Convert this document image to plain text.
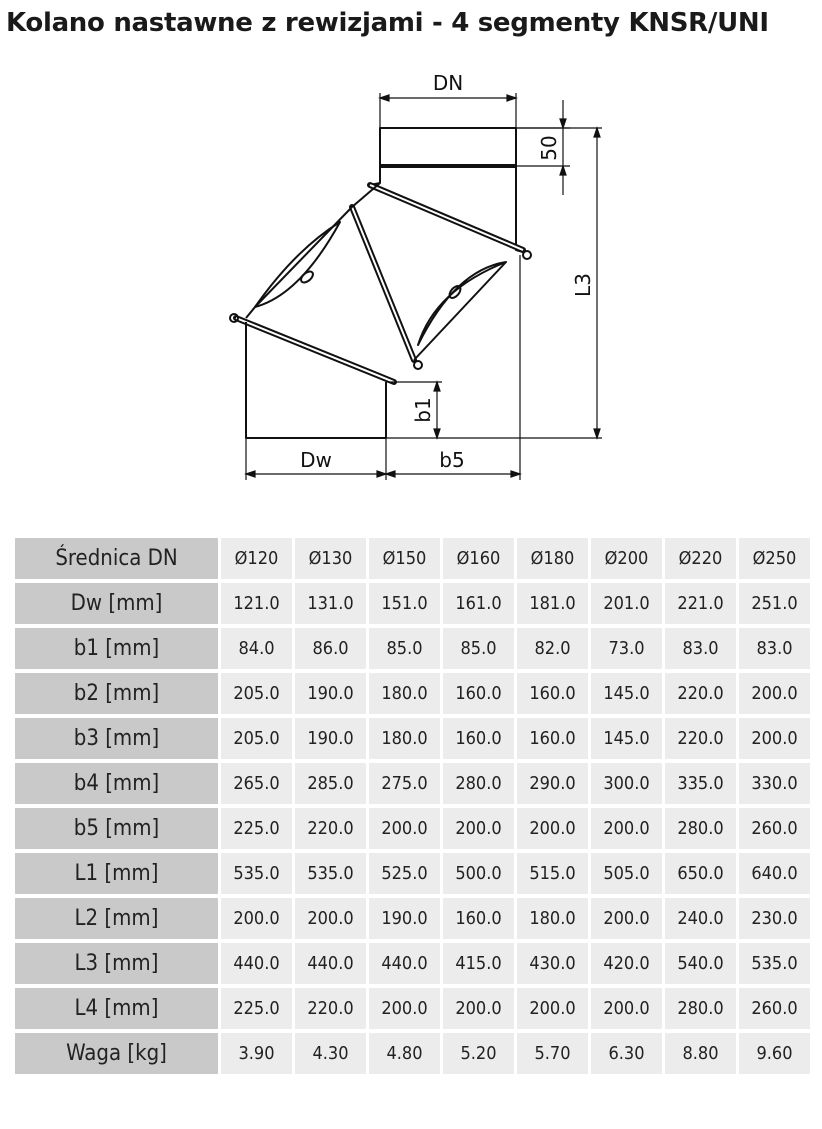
Kolano nastawne z rewizjami - 4 segmenty KNSR/UNI
DN
50
L3
b1
Dw	b5
Średnica DN	Ø120	Ø130	Ø150	Ø160	Ø180	Ø200	Ø220	Ø250
Dw [mm]	121.0	131.0	151.0	161.0	181.0	201.0	221.0	251.0
b1 [mm]	84.0	86.0	85.0	85.0	82.0	73.0	83.0	83.0
b2 [mm]	205.0	190.0	180.0	160.0	160.0	145.0	220.0	200.0
b3 [mm]	205.0	190.0	180.0	160.0	160.0	145.0	220.0	200.0
b4 [mm]	265.0	285.0	275.0	280.0	290.0	300.0	335.0	330.0
b5 [mm]	225.0	220.0	200.0	200.0	200.0	200.0	280.0	260.0
L1 [mm]	535.0	535.0	525.0	500.0	515.0	505.0	650.0	640.0
L2 [mm]	200.0	200.0	190.0	160.0	180.0	200.0	240.0	230.0
L3 [mm]	440.0	440.0	440.0	415.0	430.0	420.0	540.0	535.0
L4 [mm]	225.0	220.0	200.0	200.0	200.0	200.0	280.0	260.0
Waga [kg]	3.90	4.30	4.80	5.20	5.70	6.30	8.80	9.60
